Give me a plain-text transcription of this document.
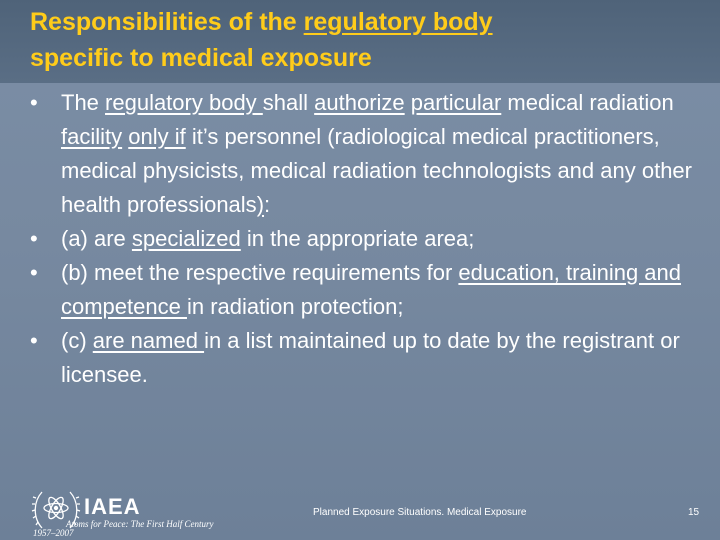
Responsibilities of the regulatory body
specific to medical exposure
• The regulatory body shall authorize particular medical radiation facility only if it’s personnel (radiological medical practitioners, medical physicists, medical radiation technologists and any other health professionals):
• (a) are specialized in the appropriate area;
• (b) meet the respective requirements for education, training and competence in radiation protection;
• (c) are named in a list maintained up to date by the registrant or licensee.
IAEA
Atoms for Peace: The First Half Century
1957–2007
Planned Exposure Situations. Medical Exposure	15
